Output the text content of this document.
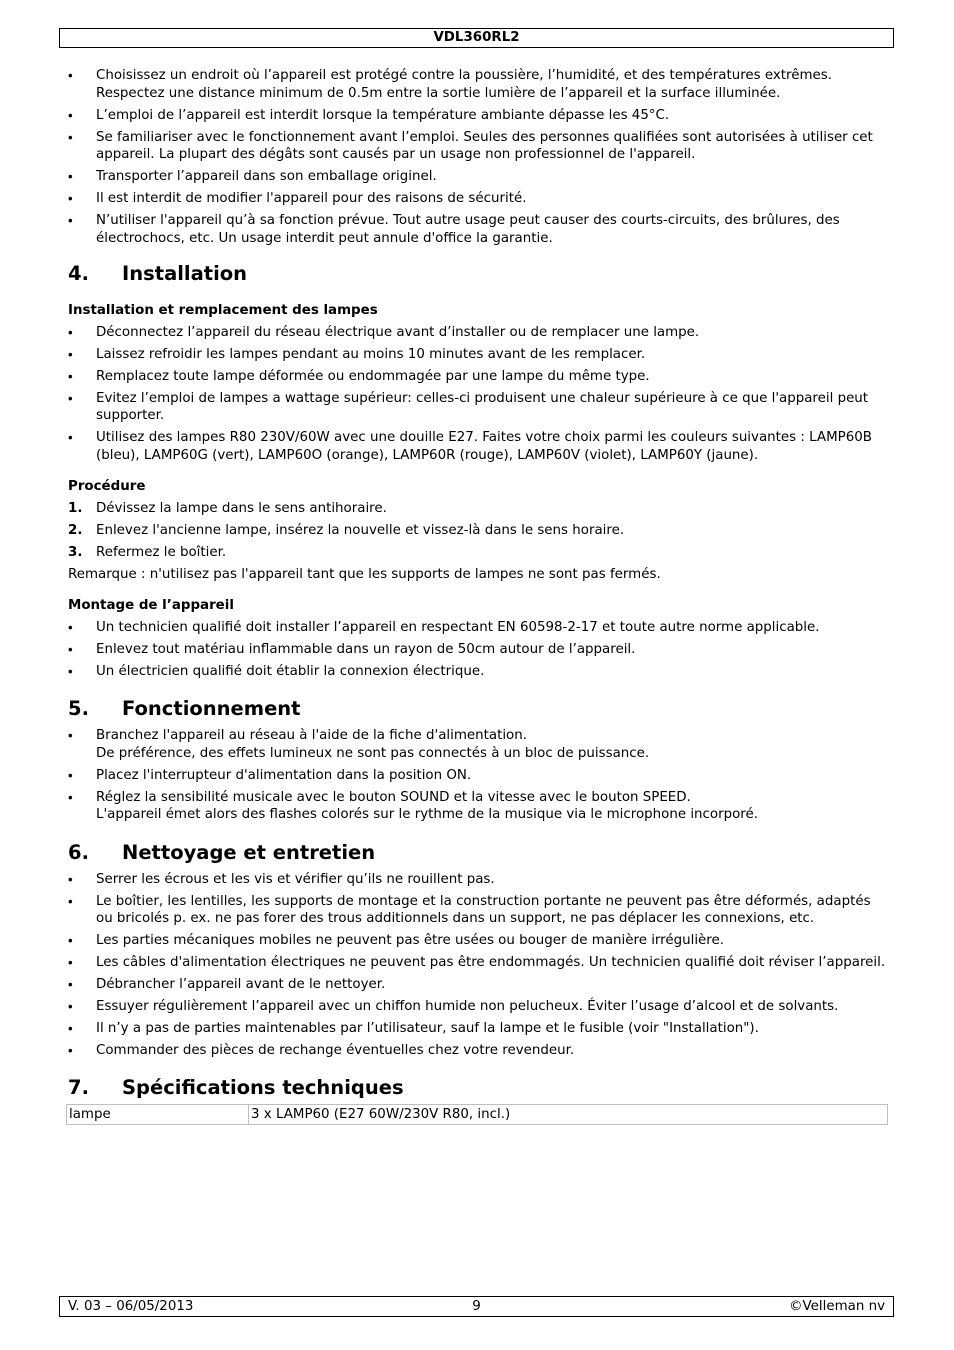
VDL360RL2
• Choisissez un endroit où l’appareil est protégé contre la poussière, l’humidité, et des températures extrêmes. Respectez une distance minimum de 0.5m entre la sortie lumière de l’appareil et la surface illuminée.
• L’emploi de l’appareil est interdit lorsque la température ambiante dépasse les 45°C.
• Se familiariser avec le fonctionnement avant l’emploi. Seules des personnes qualifiées sont autorisées à utiliser cet appareil. La plupart des dégâts sont causés par un usage non professionnel de l'appareil.
• Transporter l’appareil dans son emballage originel.
• Il est interdit de modifier l'appareil pour des raisons de sécurité.
• N’utiliser l'appareil qu’à sa fonction prévue. Tout autre usage peut causer des courts-circuits, des brûlures, des électrochocs, etc. Un usage interdit peut annule d'office la garantie.
4. Installation

Installation et remplacement des lampes

• Déconnectez l’appareil du réseau électrique avant d’installer ou de remplacer une lampe.
• Laissez refroidir les lampes pendant au moins 10 minutes avant de les remplacer.
• Remplacez toute lampe déformée ou endommagée par une lampe du même type.
• Evitez l’emploi de lampes a wattage supérieur: celles-ci produisent une chaleur supérieure à ce que l'appareil peut supporter.
• Utilisez des lampes R80 230V/60W avec une douille E27. Faites votre choix parmi les couleurs suivantes : LAMP60B (bleu), LAMP60G (vert), LAMP60O (orange), LAMP60R (rouge), LAMP60V (violet), LAMP60Y (jaune).

Procédure

1. Dévissez la lampe dans le sens antihoraire.
2. Enlevez l'ancienne lampe, insérez la nouvelle et vissez-là dans le sens horaire.
3. Refermez le boîtier.

Remarque : n'utilisez pas l'appareil tant que les supports de lampes ne sont pas fermés.

Montage de l’appareil

• Un technicien qualifié doit installer l’appareil en respectant EN 60598-2-17 et toute autre norme applicable.
• Enlevez tout matériau inflammable dans un rayon de 50cm autour de l’appareil.
• Un électricien qualifié doit établir la connexion électrique.
5. Fonctionnement
• Branchez l'appareil au réseau à l'aide de la fiche d'alimentation.
De préférence, des effets lumineux ne sont pas connectés à un bloc de puissance.
• Placez l'interrupteur d'alimentation dans la position ON.
• Réglez la sensibilité musicale avec le bouton SOUND et la vitesse avec le bouton SPEED.
L'appareil émet alors des flashes colorés sur le rythme de la musique via le microphone incorporé.
6. Nettoyage et entretien
• Serrer les écrous et les vis et vérifier qu’ils ne rouillent pas.
• Le boîtier, les lentilles, les supports de montage et la construction portante ne peuvent pas être déformés, adaptés ou bricolés p. ex. ne pas forer des trous additionnels dans un support, ne pas déplacer les connexions, etc.
• Les parties mécaniques mobiles ne peuvent pas être usées ou bouger de manière irrégulière.
• Les câbles d'alimentation électriques ne peuvent pas être endommagés. Un technicien qualifié doit réviser l’appareil.
• Débrancher l’appareil avant de le nettoyer.
• Essuyer régulièrement l’appareil avec un chiffon humide non pelucheux. Éviter l’usage d’alcool et de solvants.
• Il n’y a pas de parties maintenables par l’utilisateur, sauf la lampe et le fusible (voir "Installation").
• Commander des pièces de rechange éventuelles chez votre revendeur.
7. Spécifications techniques
lampe	3 x LAMP60 (E27 60W/230V R80, incl.)
V. 03 – 06/05/2013	9	©Velleman nv
